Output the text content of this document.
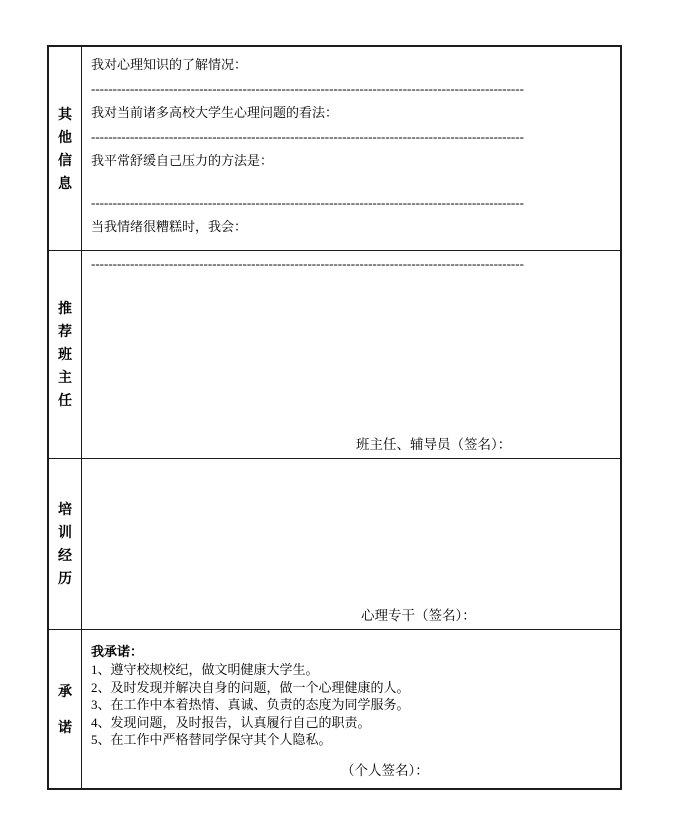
其他信息
我对心理知识的了解情况：
----------------------------------------------------------------------------------------------------
我对当前诸多高校大学生心理问题的看法：
----------------------------------------------------------------------------------------------------
我平常舒缓自己压力的方法是：
----------------------------------------------------------------------------------------------------
当我情绪很糟糕时，我会：
----------------------------------------------------------------------------------------------------
推荐班主任
班主任、辅导员（签名）：
培训经历
心理专干（签名）：
承诺
我承诺：
1、遵守校规校纪，做文明健康大学生。
2、及时发现并解决自身的问题，做一个心理健康的人。
3、在工作中本着热情、真诚、负责的态度为同学服务。
4、发现问题，及时报告，认真履行自己的职责。
5、在工作中严格替同学保守其个人隐私。
（个人签名）：
